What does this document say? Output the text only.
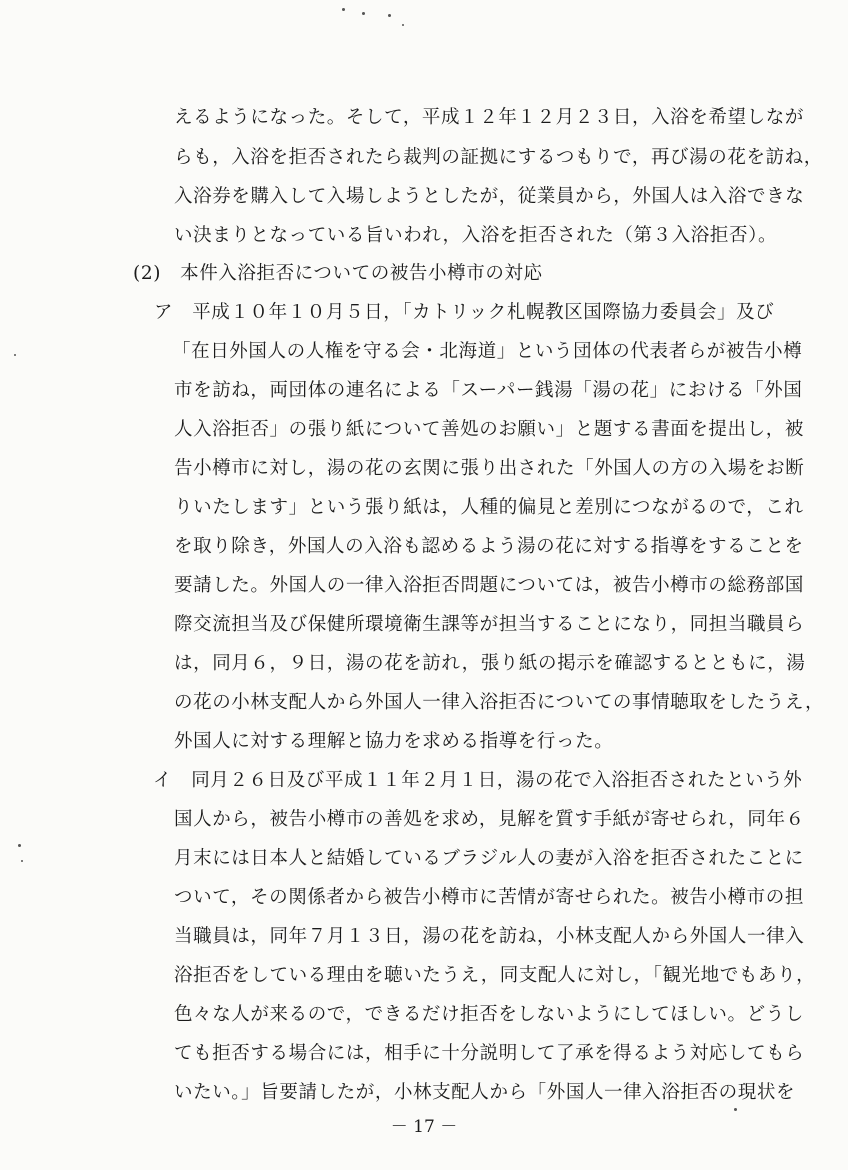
えるようになった。そして，平成１２年１２月２３日，入浴を希望しなが
らも，入浴を拒否されたら裁判の証拠にするつもりで，再び湯の花を訪ね，
入浴券を購入して入場しようとしたが，従業員から，外国人は入浴できな
い決まりとなっている旨いわれ，入浴を拒否された（第３入浴拒否）。
(2)　本件入浴拒否についての被告小樽市の対応
ア　平成１０年１０月５日，「カトリック札幌教区国際協力委員会」及び
「在日外国人の人権を守る会・北海道」という団体の代表者らが被告小樽
市を訪ね，両団体の連名による「スーパー銭湯「湯の花」における「外国
人入浴拒否」の張り紙について善処のお願い」と題する書面を提出し，被
告小樽市に対し，湯の花の玄関に張り出された「外国人の方の入場をお断
りいたします」という張り紙は，人種的偏見と差別につながるので，これ
を取り除き，外国人の入浴も認めるよう湯の花に対する指導をすることを
要請した。外国人の一律入浴拒否問題については，被告小樽市の総務部国
際交流担当及び保健所環境衛生課等が担当することになり，同担当職員ら
は，同月６，９日，湯の花を訪れ，張り紙の掲示を確認するとともに，湯
の花の小林支配人から外国人一律入浴拒否についての事情聴取をしたうえ，
外国人に対する理解と協力を求める指導を行った。
イ　同月２６日及び平成１１年２月１日，湯の花で入浴拒否されたという外
国人から，被告小樽市の善処を求め，見解を質す手紙が寄せられ，同年６
月末には日本人と結婚しているブラジル人の妻が入浴を拒否されたことに
ついて，その関係者から被告小樽市に苦情が寄せられた。被告小樽市の担
当職員は，同年７月１３日，湯の花を訪ね，小林支配人から外国人一律入
浴拒否をしている理由を聴いたうえ，同支配人に対し，「観光地でもあり，
色々な人が来るので，できるだけ拒否をしないようにしてほしい。どうし
ても拒否する場合には，相手に十分説明して了承を得るよう対応してもら
いたい。」旨要請したが，小林支配人から「外国人一律入浴拒否の現状を
－ 17 －
